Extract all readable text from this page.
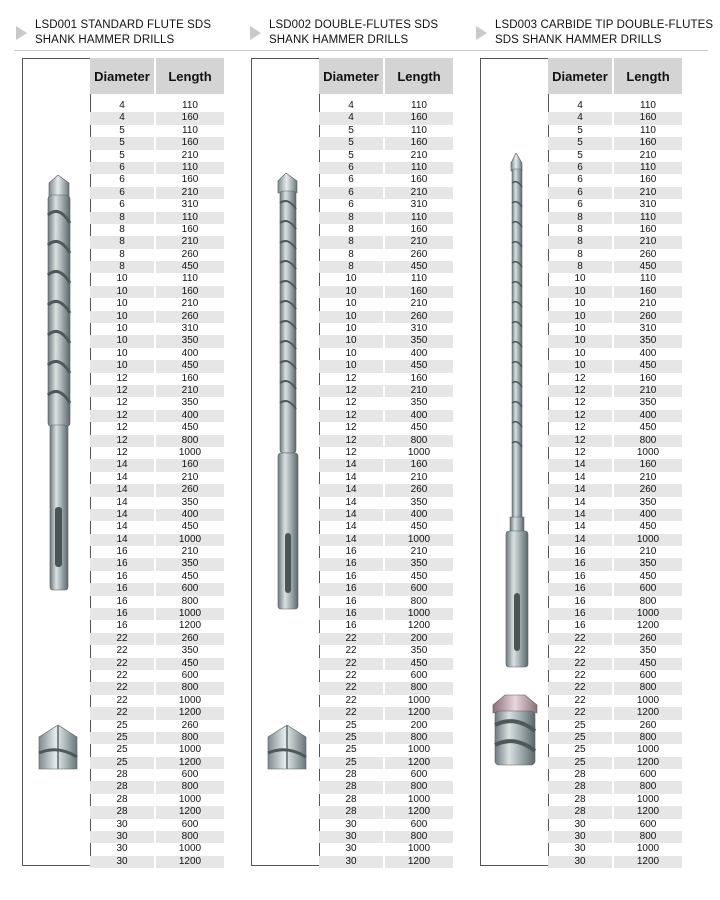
LSD001 STANDARD FLUTE SDS
SHANK HAMMER DRILLS
LSD002 DOUBLE-FLUTES SDS
SHANK HAMMER DRILLS
LSD003 CARBIDE TIP DOUBLE-FLUTES
SDS SHANK HAMMER DRILLS
Diameter	Length
4	110
4	160
5	110
5	160
5	210
6	110
6	160
6	210
6	310
8	110
8	160
8	210
8	260
8	450
10	110
10	160
10	210
10	260
10	310
10	350
10	400
10	450
12	160
12	210
12	350
12	400
12	450
12	800
12	1000
14	160
14	210
14	260
14	350
14	400
14	450
14	1000
16	210
16	350
16	450
16	600
16	800
16	1000
16	1200
22	260
22	350
22	450
22	600
22	800
22	1000
22	1200
25	260
25	800
25	1000
25	1200
28	600
28	800
28	1000
28	1200
30	600
30	800
30	1000
30	1200
Diameter	Length
4	110
4	160
5	110
5	160
5	210
6	110
6	160
6	210
6	310
8	110
8	160
8	210
8	260
8	450
10	110
10	160
10	210
10	260
10	310
10	350
10	400
10	450
12	160
12	210
12	350
12	400
12	450
12	800
12	1000
14	160
14	210
14	260
14	350
14	400
14	450
14	1000
16	210
16	350
16	450
16	600
16	800
16	1000
16	1200
22	200
22	350
22	450
22	600
22	800
22	1000
22	1200
25	200
25	800
25	1000
25	1200
28	600
28	800
28	1000
28	1200
30	600
30	800
30	1000
30	1200
Diameter	Length
4	110
4	160
5	110
5	160
5	210
6	110
6	160
6	210
6	310
8	110
8	160
8	210
8	260
8	450
10	110
10	160
10	210
10	260
10	310
10	350
10	400
10	450
12	160
12	210
12	350
12	400
12	450
12	800
12	1000
14	160
14	210
14	260
14	350
14	400
14	450
14	1000
16	210
16	350
16	450
16	600
16	800
16	1000
16	1200
22	260
22	350
22	450
22	600
22	800
22	1000
22	1200
25	260
25	800
25	1000
25	1200
28	600
28	800
28	1000
28	1200
30	600
30	800
30	1000
30	1200
